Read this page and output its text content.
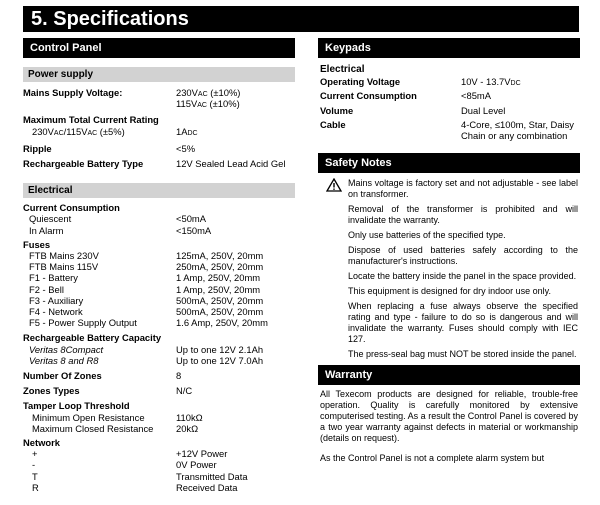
5. Specifications
Control Panel
Power supply
Mains Supply Voltage:	230VAC (±10%)
115VAC (±10%)
Maximum Total Current Rating
230VAC/115VAC (±5%)	1ADC
Ripple	<5%
Rechargeable Battery Type	12V Sealed Lead Acid Gel
Electrical
Current Consumption
Quiescent	<50mA
In Alarm	<150mA
Fuses
FTB Mains 230V	125mA, 250V, 20mm
FTB Mains 115V	250mA, 250V, 20mm
F1 - Battery	1 Amp, 250V, 20mm
F2 - Bell	1 Amp, 250V, 20mm
F3 - Auxiliary	500mA, 250V, 20mm
F4 - Network	500mA, 250V, 20mm
F5 - Power Supply Output	1.6 Amp, 250V, 20mm
Rechargeable Battery Capacity
Veritas 8Compact	Up to one 12V 2.1Ah
Veritas 8 and R8	Up to one 12V 7.0Ah
Number Of Zones	8
Zones Types	N/C
Tamper Loop Threshold
Minimum Open Resistance	110kΩ
Maximum Closed Resistance 20kΩ
Network
+	+12V Power
-	0V Power
T	Transmitted Data
R	Received Data
Keypads
Electrical
Operating Voltage	10V - 13.7VDC
Current Consumption	<85mA
Volume	Dual Level
Cable	4-Core, ≤100m, Star, Daisy Chain or any combination
Safety Notes
Mains voltage is factory set and not adjustable - see label on transformer.
Removal of the transformer is prohibited and will invalidate the warranty.
Only use batteries of the specified type.
Dispose of used batteries safely according to the manufacturer's instructions.
Locate the battery inside the panel in the space provided.
This equipment is designed for dry indoor use only.
When replacing a fuse always observe the specified rating and type - failure to do so is dangerous and will invalidate the warranty. Fuses should comply with IEC 127.
The press-seal bag must NOT be stored inside the panel.
Warranty
All Texecom products are designed for reliable, trouble-free operation. Quality is carefully monitored by extensive computerised testing. As a result the Control Panel is covered by a two year warranty against defects in material or workmanship (details on request).
As the Control Panel is not a complete alarm system but
